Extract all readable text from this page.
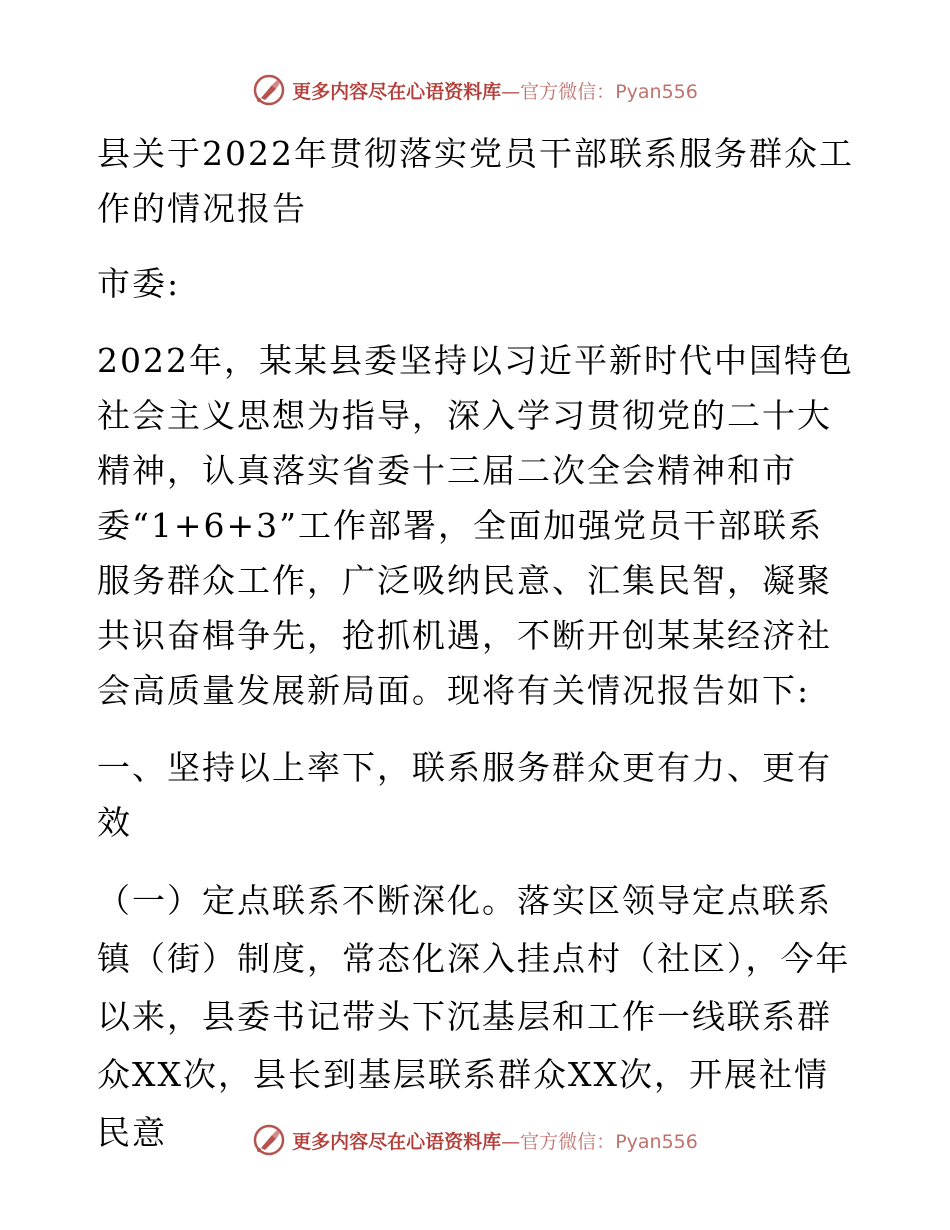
更多内容尽在心语资料库—官方微信：Pyan556

县关于2022年贯彻落实党员干部联系服务群众工作的情况报告

市委:

2022年，某某县委坚持以习近平新时代中国特色社会主义思想为指导，深入学习贯彻党的二十大精神，认真落实省委十三届二次全会精神和市委“1+6+3”工作部署，全面加强党员干部联系服务群众工作，广泛吸纳民意、汇集民智，凝聚共识奋楫争先，抢抓机遇，不断开创某某经济社会高质量发展新局面。现将有关情况报告如下:

一、坚持以上率下，联系服务群众更有力、更有效

（一）定点联系不断深化。落实区领导定点联系镇（街）制度，常态化深入挂点村（社区），今年以来，县委书记带头下沉基层和工作一线联系群众XX次，县长到基层联系群众XX次，开展社情民意	更多内容尽在心语资料库—官方微信：Pyan556
